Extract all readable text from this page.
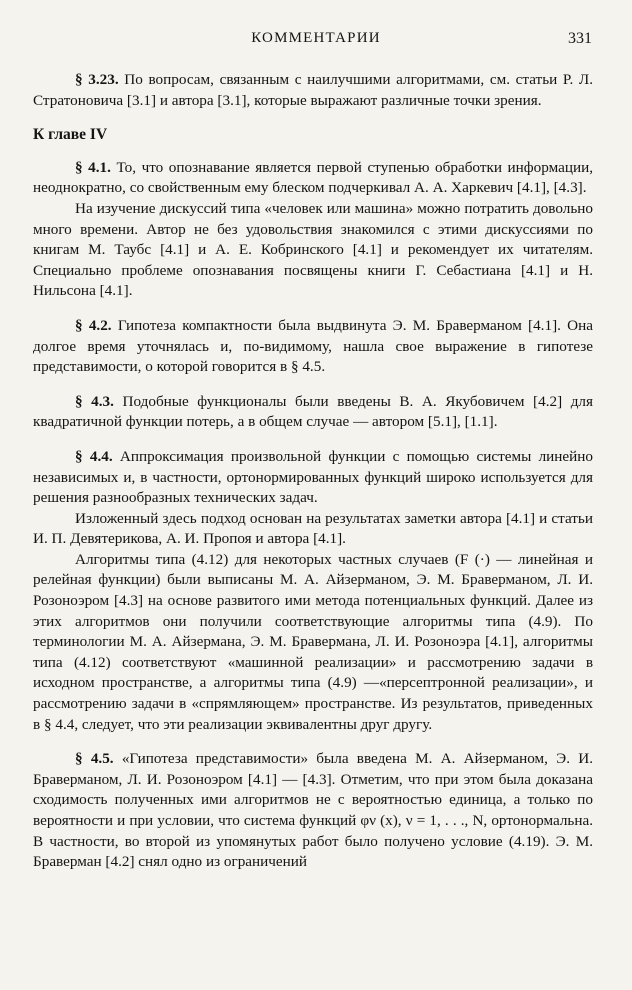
КОММЕНТАРИИ	331

§ 3.23. По вопросам, связанным с наилучшими алгоритмами, см. статьи Р. Л. Стратоновича [3.1] и автора [3.1], которые выражают различные точки зрения.

К главе IV

§ 4.1. То, что опознавание является первой ступенью обработки информации, неоднократно, со свойственным ему блеском подчеркивал А. А. Харкевич [4.1], [4.3].

На изучение дискуссий типа «человек или машина» можно потратить довольно много времени. Автор не без удовольствия знакомился с этими дискуссиями по книгам М. Таубс [4.1] и А. Е. Кобринского [4.1] и рекомендует их читателям. Специально проблеме опознавания посвящены книги Г. Себастиана [4.1] и Н. Нильсона [4.1].

§ 4.2. Гипотеза компактности была выдвинута Э. М. Браверманом [4.1]. Она долгое время уточнялась и, по-видимому, нашла свое выражение в гипотезе представимости, о которой говорится в § 4.5.

§ 4.3. Подобные функционалы были введены В. А. Якубовичем [4.2] для квадратичной функции потерь, а в общем случае — автором [5.1], [1.1].

§ 4.4. Аппроксимация произвольной функции с помощью системы линейно независимых и, в частности, ортонормированных функций широко используется для решения разнообразных технических задач.

Изложенный здесь подход основан на результатах заметки автора [4.1] и статьи И. П. Девятерикова, А. И. Пропоя и автора [4.1].

Алгоритмы типа (4.12) для некоторых частных случаев (F (·) — линейная и релейная функции) были выписаны М. А. Айзерманом, Э. М. Браверманом, Л. И. Розоноэром [4.3] на основе развитого ими метода потенциальных функций. Далее из этих алгоритмов они получили соответствующие алгоритмы типа (4.9). По терминологии М. А. Айзермана, Э. М. Бравермана, Л. И. Розоноэра [4.1], алгоритмы типа (4.12) соответствуют «машинной реализации» и рассмотрению задачи в исходном пространстве, а алгоритмы типа (4.9) —«персептронной реализации», и рассмотрению задачи в «спрямляющем» пространстве. Из результатов, приведенных в § 4.4, следует, что эти реализации эквивалентны друг другу.

§ 4.5. «Гипотеза представимости» была введена М. А. Айзерманом, Э. И. Браверманом, Л. И. Розоноэром [4.1] — [4.3]. Отметим, что при этом была доказана сходимость полученных ими алгоритмов не с вероятностью единица, а только по вероятности и при условии, что система функций φν (x), ν = 1, . . ., N, ортонормальна. В частности, во второй из упомянутых работ было получено условие (4.19). Э. М. Браверман [4.2] снял одно из ограничений
